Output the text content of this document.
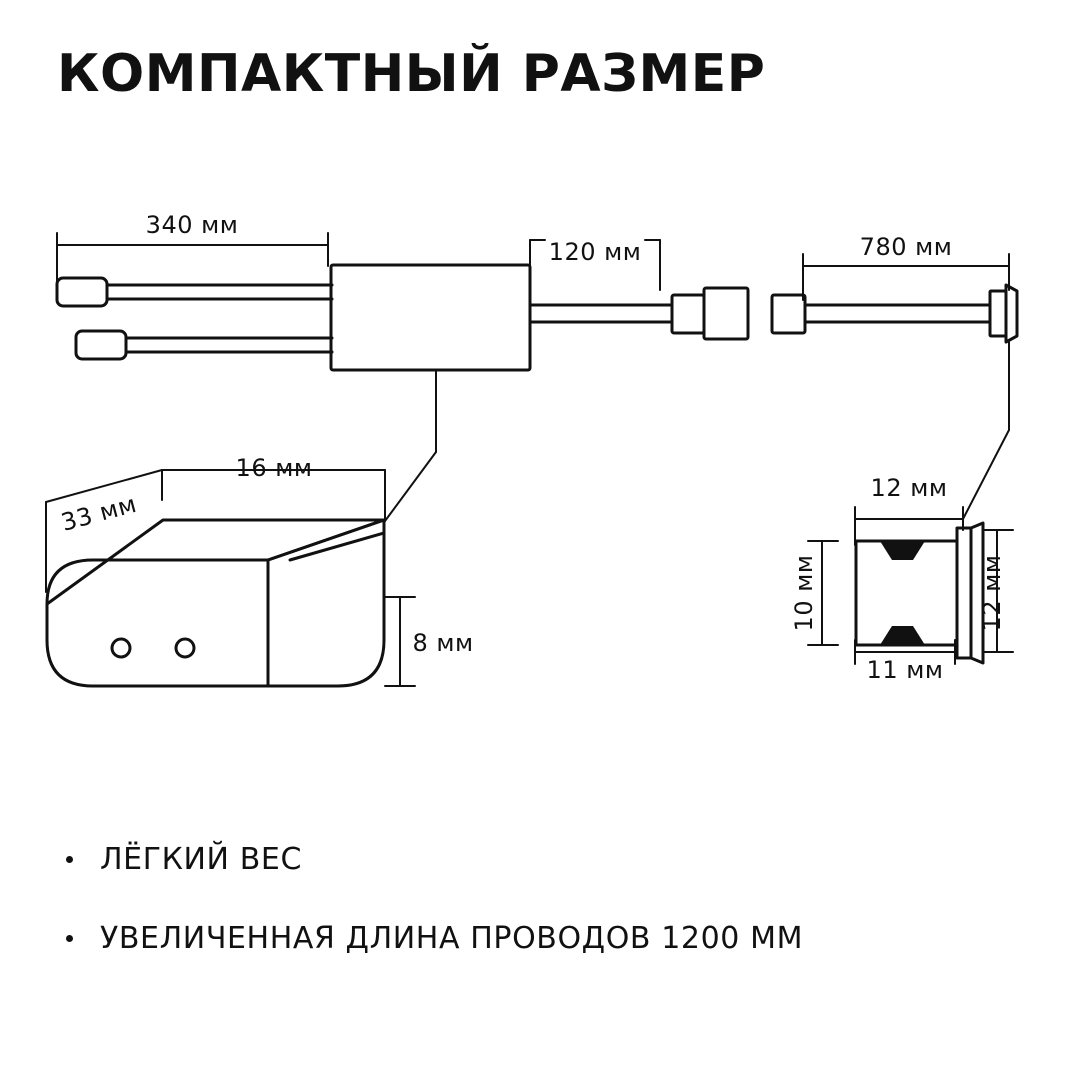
КОМПАКТНЫЙ РАЗМЕР
340 мм
120 мм	780 мм
16 мм
33 мм
8 мм
12 мм
10 мм	12 мм
11 мм
ЛЁГКИЙ ВЕС
УВЕЛИЧЕННАЯ ДЛИНА ПРОВОДОВ 1200 ММ
